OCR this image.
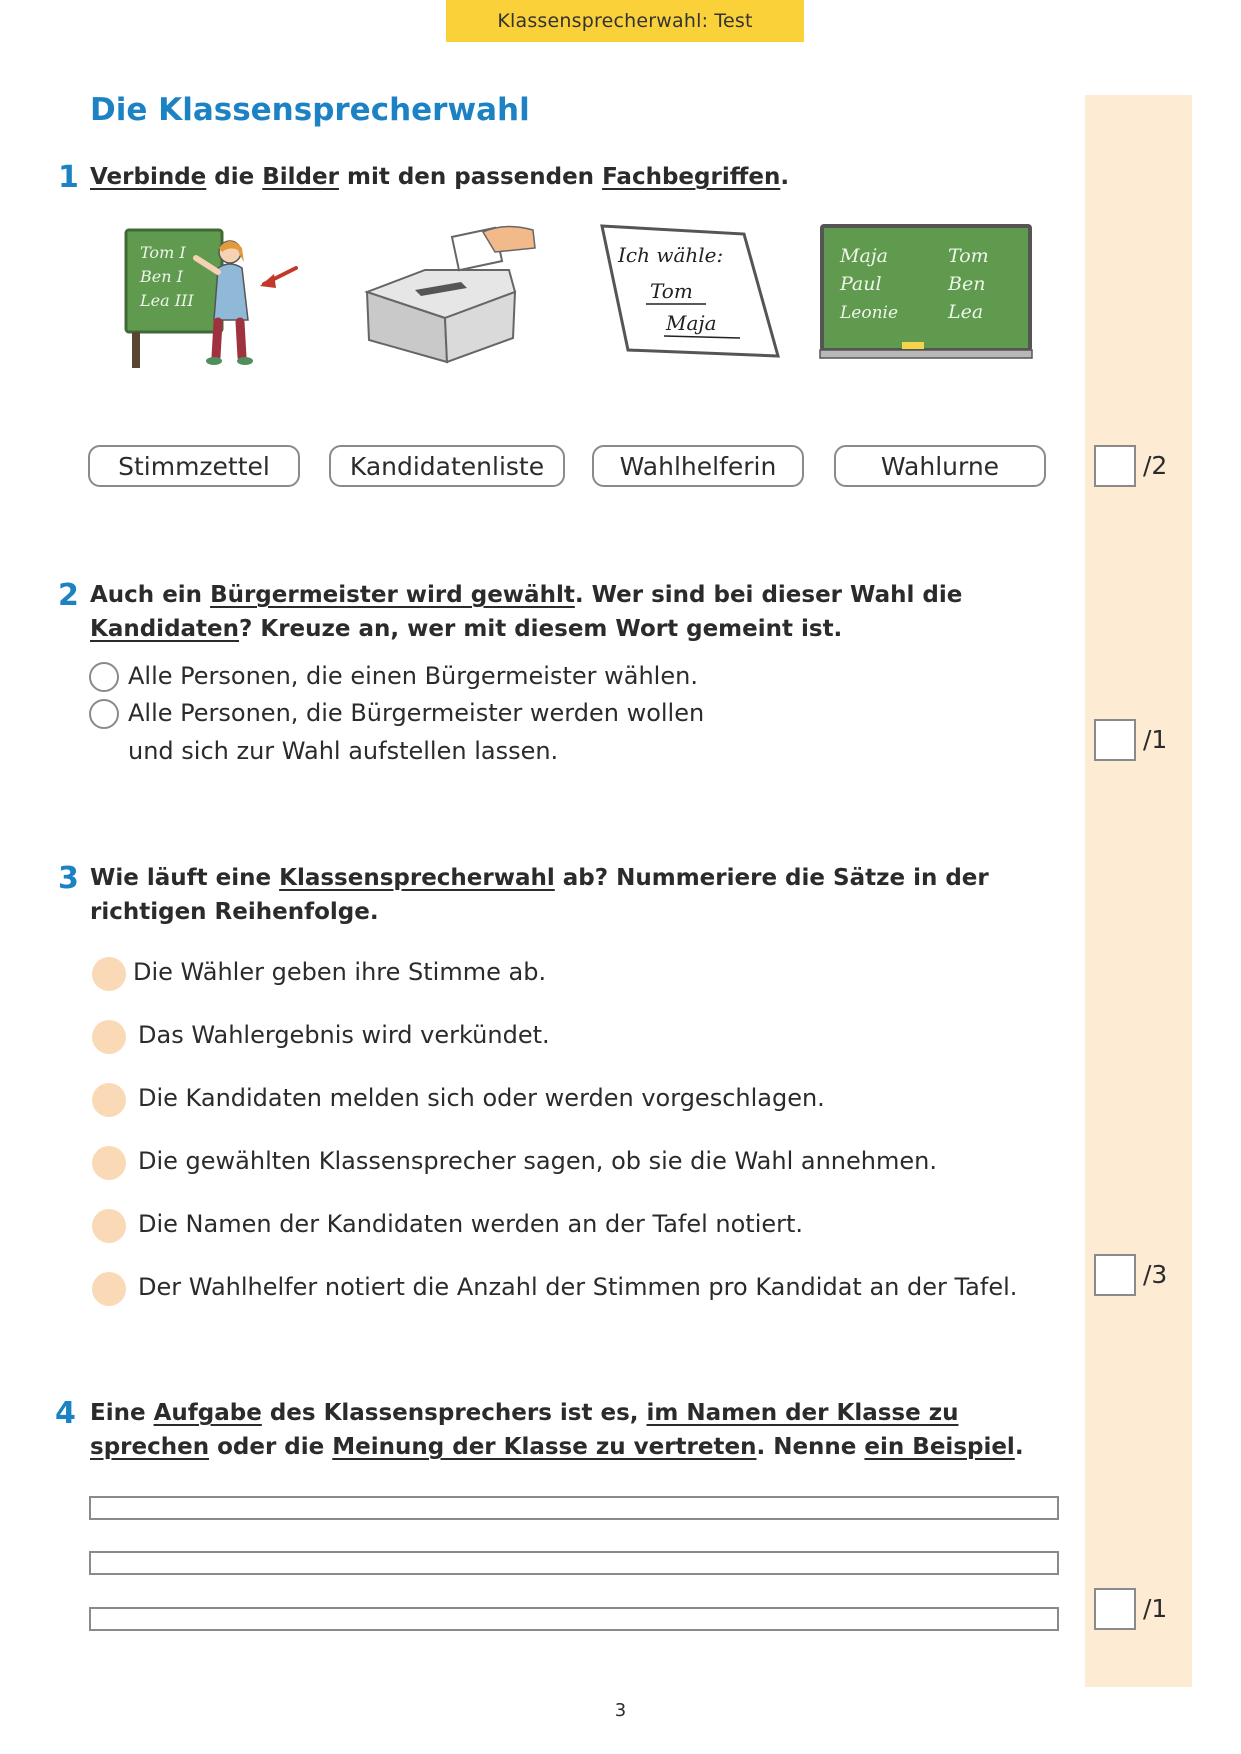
Klassensprecherwahl: Test
Die Klassensprecherwahl
1 Verbinde die Bilder mit den passenden Fachbegriffen.
Tom I
Ben I
Lea III
Ich wähle:
Tom
Maja
Maja
Paul
Leonie
Tom
Ben
Lea
Stimmzettel	Kandidatenliste	Wahlhelferin	Wahlurne	/2
2 Auch ein Bürgermeister wird gewählt. Wer sind bei dieser Wahl die Kandidaten? Kreuze an, wer mit diesem Wort gemeint ist.
Alle Personen, die einen Bürgermeister wählen.
Alle Personen, die Bürgermeister werden wollen
und sich zur Wahl aufstellen lassen.	/1
3 Wie läuft eine Klassensprecherwahl ab? Nummeriere die Sätze in der richtigen Reihenfolge.
Die Wähler geben ihre Stimme ab.
Das Wahlergebnis wird verkündet.
Die Kandidaten melden sich oder werden vorgeschlagen.
Die gewählten Klassensprecher sagen, ob sie die Wahl annehmen.
Die Namen der Kandidaten werden an der Tafel notiert.
Der Wahlhelfer notiert die Anzahl der Stimmen pro Kandidat an der Tafel.	/3
4 Eine Aufgabe des Klassensprechers ist es, im Namen der Klasse zu sprechen oder die Meinung der Klasse zu vertreten. Nenne ein Beispiel.
/1
3
